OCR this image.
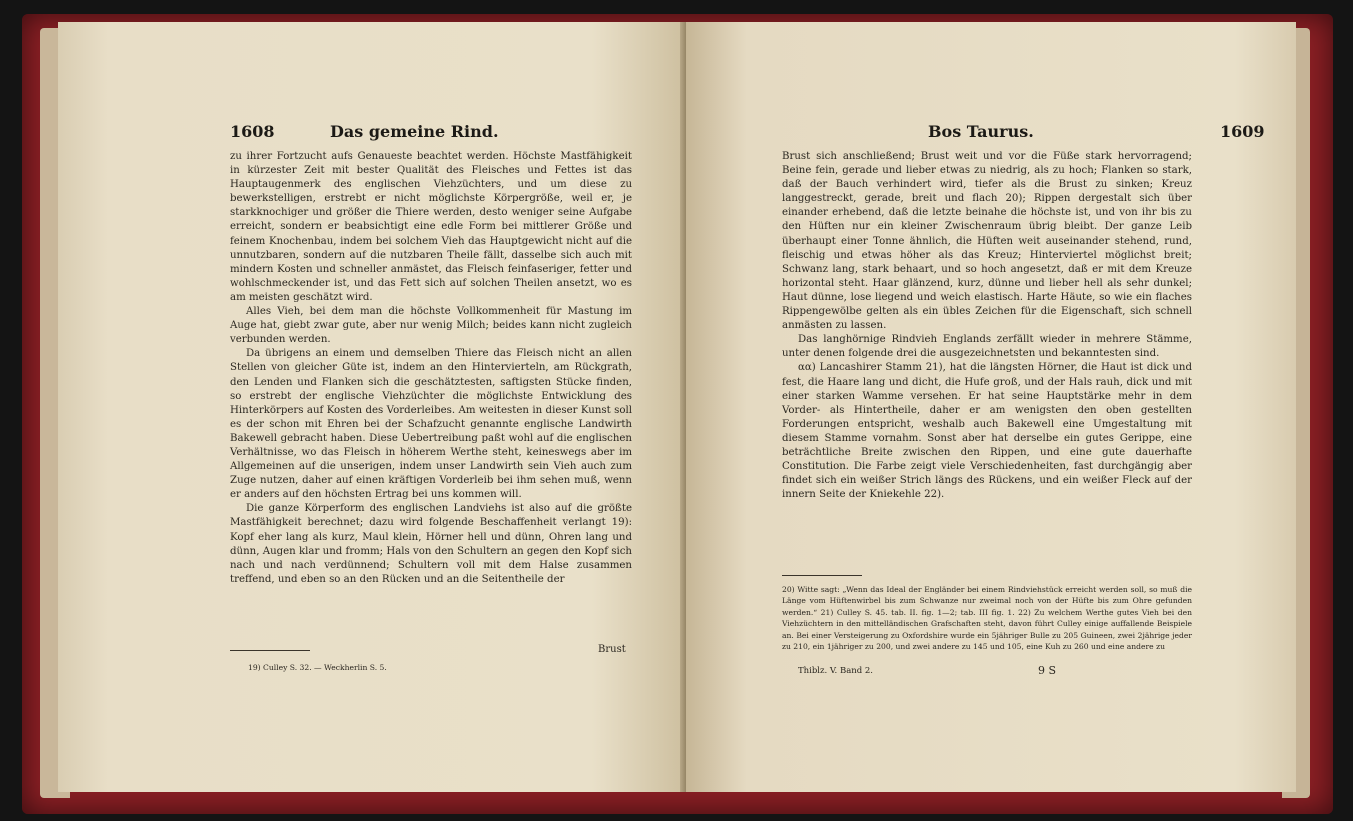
1608	Das gemeine Rind.

zu ihrer Fortzucht aufs Genaueste beachtet werden. Höchste Mastfähigkeit in kürzester Zeit mit bester Qualität des Fleisches und Fettes ist das Hauptaugenmerk des englischen Viehzüchters, und um diese zu bewerkstelligen, erstrebt er nicht möglichste Körpergröße, weil er, je starkknochiger und größer die Thiere werden, desto weniger seine Aufgabe erreicht, sondern er beabsichtigt eine edle Form bei mittlerer Größe und feinem Knochenbau, indem bei solchem Vieh das Hauptgewicht nicht auf die unnutzbaren, sondern auf die nutzbaren Theile fällt, dasselbe sich auch mit mindern Kosten und schneller anmästet, das Fleisch feinfaseriger, fetter und wohlschmeckender ist, und das Fett sich auf solchen Theilen ansetzt, wo es am meisten geschätzt wird.

Alles Vieh, bei dem man die höchste Vollkommenheit für Mastung im Auge hat, giebt zwar gute, aber nur wenig Milch; beides kann nicht zugleich verbunden werden.

Da übrigens an einem und demselben Thiere das Fleisch nicht an allen Stellen von gleicher Güte ist, indem an den Hintervierteln, am Rückgrath, den Lenden und Flanken sich die geschätztesten, saftigsten Stücke finden, so erstrebt der englische Viehzüchter die möglichste Entwicklung des Hinterkörpers auf Kosten des Vorderleibes. Am weitesten in dieser Kunst soll es der schon mit Ehren bei der Schafzucht genannte englische Landwirth Bakewell gebracht haben. Diese Uebertreibung paßt wohl auf die englischen Verhältnisse, wo das Fleisch in höherem Werthe steht, keineswegs aber im Allgemeinen auf die unserigen, indem unser Landwirth sein Vieh auch zum Zuge nutzen, daher auf einen kräftigen Vorderleib bei ihm sehen muß, wenn er anders auf den höchsten Ertrag bei uns kommen will.

Die ganze Körperform des englischen Landviehs ist also auf die größte Mastfähigkeit berechnet; dazu wird folgende Beschaffenheit verlangt 19): Kopf eher lang als kurz, Maul klein, Hörner hell und dünn, Ohren lang und dünn, Augen klar und fromm; Hals von den Schultern an gegen den Kopf sich nach und nach verdünnend; Schultern voll mit dem Halse zusammen treffend, und eben so an den Rücken und an die Seitentheile der

Brust
19) Culley S. 32. — Weckherlin S. 5.
Bos Taurus.	1609

Brust sich anschließend; Brust weit und vor die Füße stark hervorragend; Beine fein, gerade und lieber etwas zu niedrig, als zu hoch; Flanken so stark, daß der Bauch verhindert wird, tiefer als die Brust zu sinken; Kreuz langgestreckt, gerade, breit und flach 20); Rippen dergestalt sich über einander erhebend, daß die letzte beinahe die höchste ist, und von ihr bis zu den Hüften nur ein kleiner Zwischenraum übrig bleibt. Der ganze Leib überhaupt einer Tonne ähnlich, die Hüften weit auseinander stehend, rund, fleischig und etwas höher als das Kreuz; Hinterviertel möglichst breit; Schwanz lang, stark behaart, und so hoch angesetzt, daß er mit dem Kreuze horizontal steht. Haar glänzend, kurz, dünne und lieber hell als sehr dunkel; Haut dünne, lose liegend und weich elastisch. Harte Häute, so wie ein flaches Rippengewölbe gelten als ein übles Zeichen für die Eigenschaft, sich schnell anmästen zu lassen.

Das langhörnige Rindvieh Englands zerfällt wieder in mehrere Stämme, unter denen folgende drei die ausgezeichnetsten und bekanntesten sind.

αα) Lancashirer Stamm 21), hat die längsten Hörner, die Haut ist dick und fest, die Haare lang und dicht, die Hufe groß, und der Hals rauh, dick und mit einer starken Wamme versehen. Er hat seine Hauptstärke mehr in dem Vorder- als Hintertheile, daher er am wenigsten den oben gestellten Forderungen entspricht, weshalb auch Bakewell eine Umgestaltung mit diesem Stamme vornahm. Sonst aber hat derselbe ein gutes Gerippe, eine beträchtliche Breite zwischen den Rippen, und eine gute dauerhafte Constitution. Die Farbe zeigt viele Verschiedenheiten, fast durchgängig aber findet sich ein weißer Strich längs des Rückens, und ein weißer Fleck auf der innern Seite der Kniekehle 22).

20) Witte sagt: „Wenn das Ideal der Engländer bei einem Rindviehstück erreicht werden soll, so muß die Länge vom Hüftenwirbel bis zum Schwanze nur zweimal noch von der Hüfte bis zum Ohre gefunden werden.“ 21) Culley S. 45. tab. II. fig. 1—2; tab. III fig. 1. 22) Zu welchem Werthe gutes Vieh bei den Viehzüchtern in den mittelländischen Grafschaften steht, davon führt Culley einige auffallende Beispiele an. Bei einer Versteigerung zu Oxfordshire wurde ein 5jähriger Bulle zu 205 Guineen, zwei 2jährige jeder zu 210, ein 1jähriger zu 200, und zwei andere zu 145 und 105, eine Kuh zu 260 und eine andere zu
Thiblz. V. Band 2.	9 S
